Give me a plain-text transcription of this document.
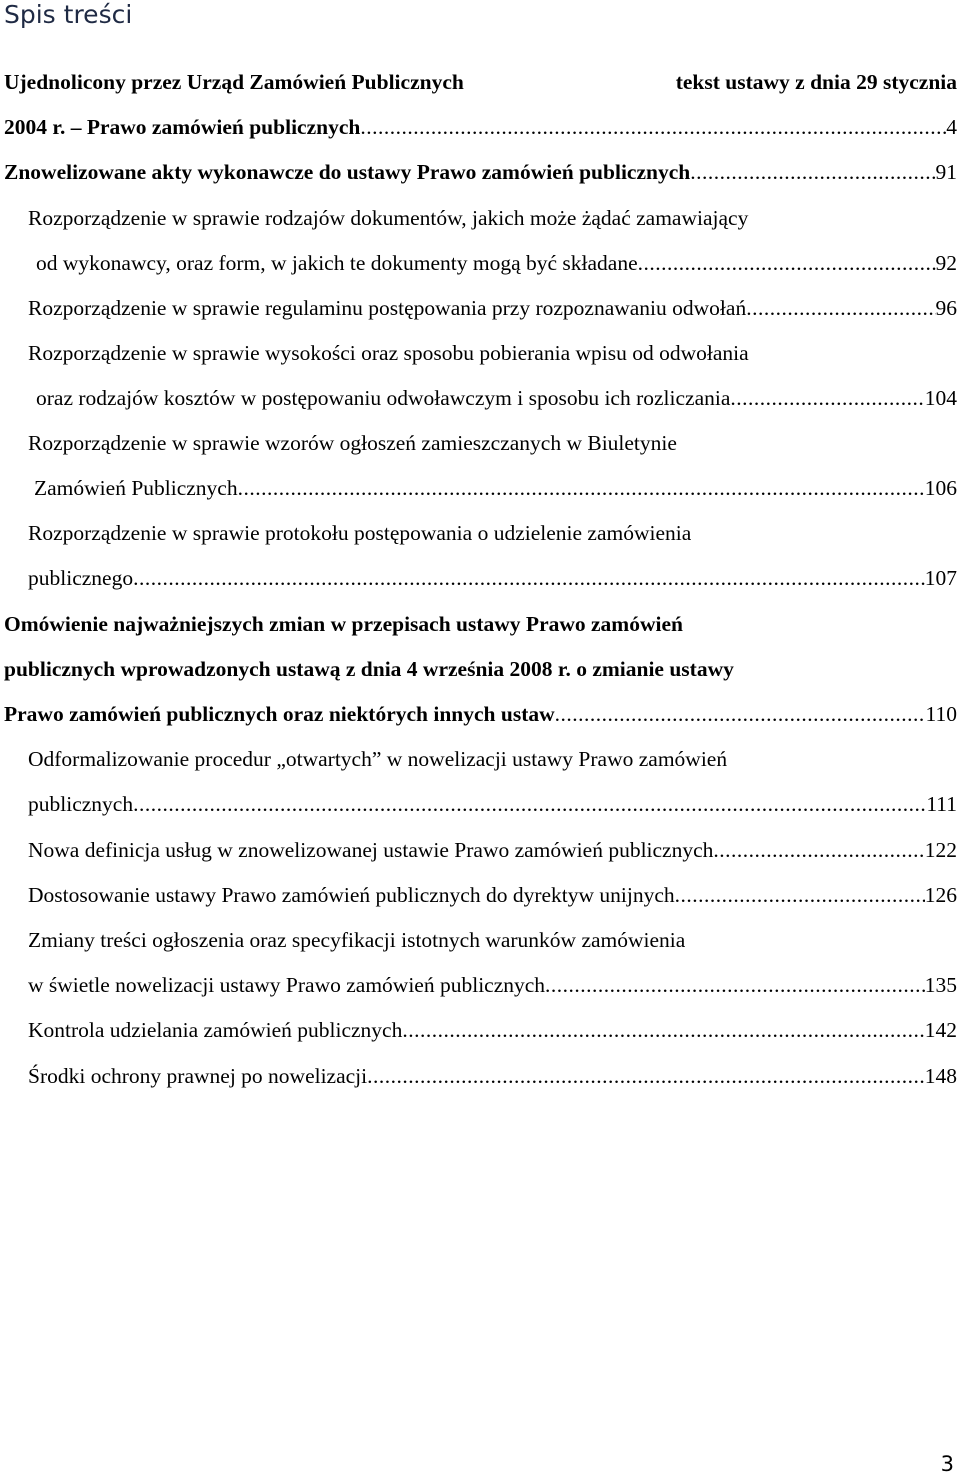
Spis treści
Ujednolicony przez Urząd Zamówień Publicznych	tekst ustawy z dnia 29 stycznia
2004 r. – Prawo zamówień publicznych .....	4
Znowelizowane akty wykonawcze do ustawy Prawo zamówień publicznych .....	91
Rozporządzenie w sprawie rodzajów dokumentów, jakich może żądać zamawiający
od wykonawcy, oraz form, w jakich te dokumenty mogą być składane .....	92
Rozporządzenie w sprawie regulaminu postępowania przy rozpoznawaniu odwołań .....	96
Rozporządzenie w sprawie wysokości oraz sposobu pobierania wpisu od odwołania
oraz rodzajów kosztów w postępowaniu odwoławczym i sposobu ich rozliczania .....	104
Rozporządzenie w sprawie wzorów ogłoszeń zamieszczanych w Biuletynie
Zamówień Publicznych .....	106
Rozporządzenie w sprawie protokołu postępowania o udzielenie zamówienia
publicznego .....	107
Omówienie najważniejszych zmian w przepisach ustawy Prawo zamówień
publicznych wprowadzonych ustawą z dnia 4 września 2008 r. o zmianie ustawy
Prawo zamówień publicznych oraz niektórych innych ustaw .....	110
Odformalizowanie procedur „otwartych” w nowelizacji ustawy Prawo zamówień
publicznych .....	111
Nowa definicja usług w znowelizowanej ustawie Prawo zamówień publicznych .....	122
Dostosowanie ustawy Prawo zamówień publicznych do dyrektyw unijnych .....	126
Zmiany treści ogłoszenia oraz specyfikacji istotnych warunków zamówienia
w świetle nowelizacji ustawy Prawo zamówień publicznych .....	135
Kontrola udzielania zamówień publicznych .....	142
Środki ochrony prawnej po nowelizacji .....	148
3
